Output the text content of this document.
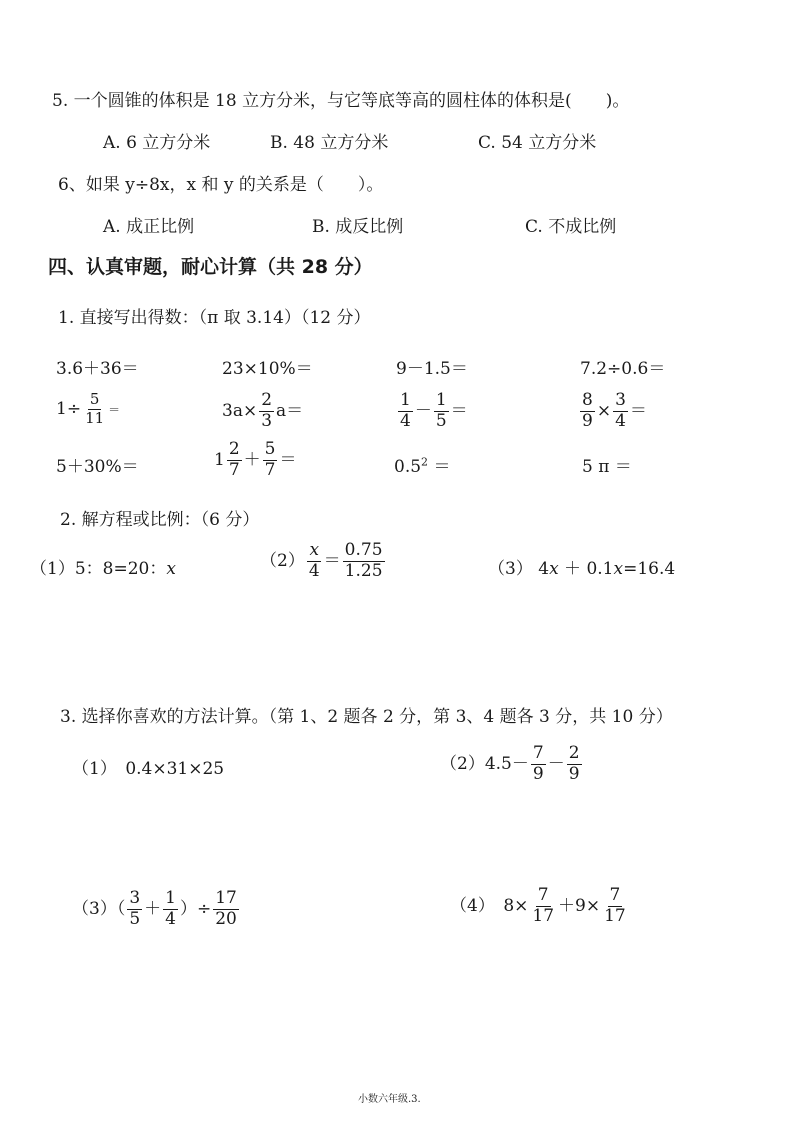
5. 一个圆锥的体积是 18 立方分米，与它等底等高的圆柱体的体积是(　　)。
A. 6 立方分米	B. 48 立方分米	C. 54 立方分米
6、如果 y÷8x，x 和 y 的关系是（　　）。
A. 成正比例	B. 成反比例	C. 不成比例
四、认真审题，耐心计算（共 28 分）
1. 直接写出得数：（π 取 3.14）（12 分）
3.6＋36＝	23×10%＝	9－1.5＝	7.2÷0.6＝
$1\div \frac{5}{11}$ ＝	$3a\times \frac{2}{3} a=$	$\frac{1}{4} - \frac{1}{5}$ ＝	$\frac{8}{9} \times \frac{3}{4}$ ＝
5＋30%＝	$1 \frac{2}{7} + \frac{5}{7}$ ＝	$0.5^2$ ＝	5 π ＝
2. 解方程或比例：（6 分）
（1）5：8=20：x	$(2) \frac{x}{4} = \frac{0.75}{1.25}$	（3） 4x ＋ 0.1x=16.4
3. 选择你喜欢的方法计算。（第 1、2 题各 2 分，第 3、4 题各 3 分，共 10 分）
（1）　0.4×31×25	$(2)4.5- \frac{7}{9} - \frac{2}{9}$
$(3)( \frac{3}{5} + \frac{1}{4}$ ）÷ $\frac{17}{20}$	（4）　$8\times \frac{7}{17} +9\times \frac{7}{17}$
小数六年级.3.
